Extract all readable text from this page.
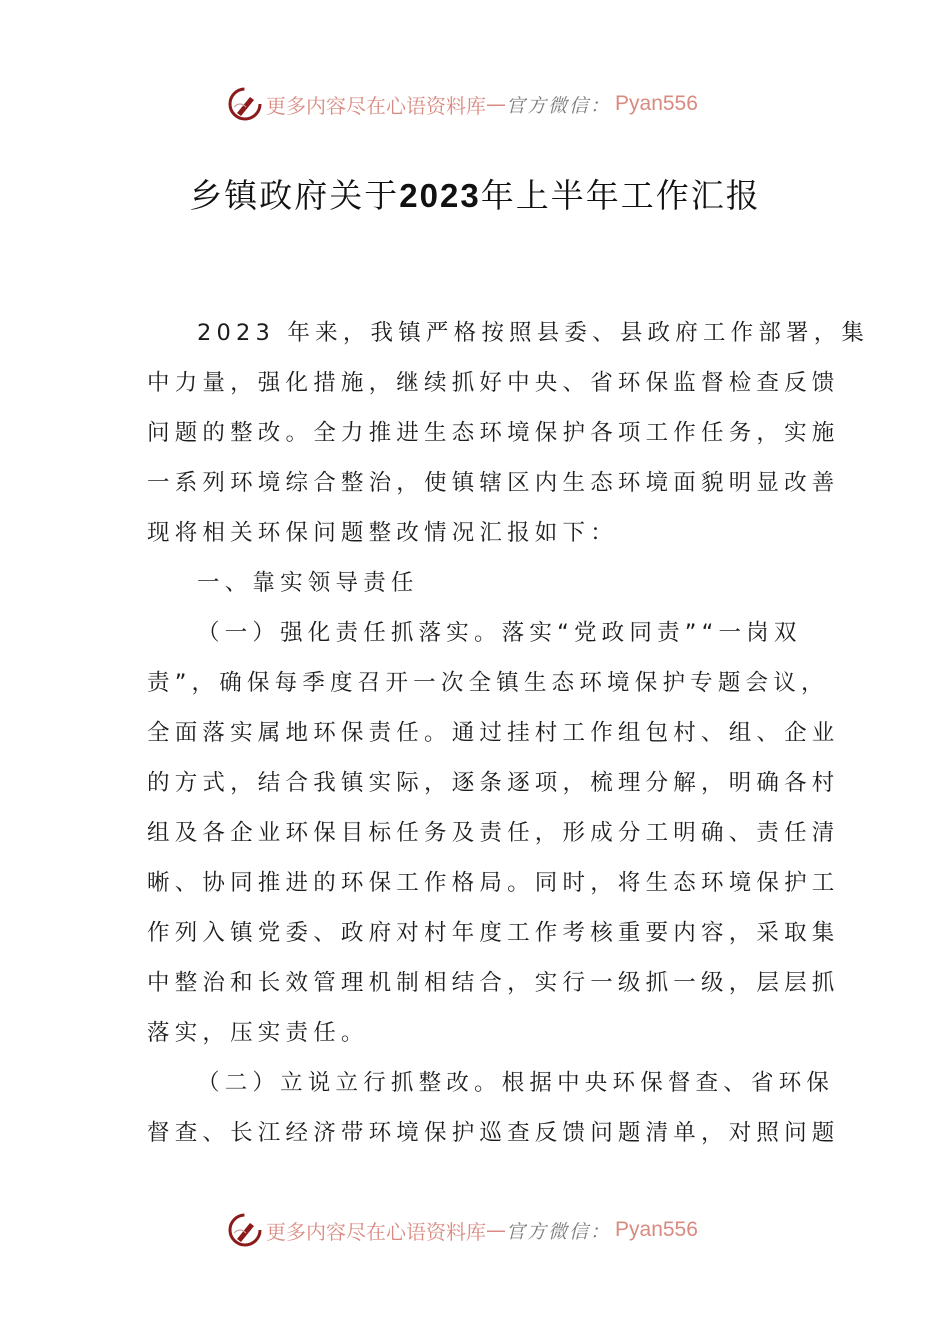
更多内容尽在心语资料库 — 官方微信： Pyan556
乡镇政府关于2023年上半年工作汇报
2023 年来，我镇严格按照县委、县政府工作部署，集
中力量，强化措施，继续抓好中央、省环保监督检查反馈
问题的整改。全力推进生态环境保护各项工作任务，实施
一系列环境综合整治，使镇辖区内生态环境面貌明显改善
现将相关环保问题整改情况汇报如下：
一、靠实领导责任
（一）强化责任抓落实。落实“党政同责”“一岗双
责”，确保每季度召开一次全镇生态环境保护专题会议，
全面落实属地环保责任。通过挂村工作组包村、组、企业
的方式，结合我镇实际，逐条逐项，梳理分解，明确各村
组及各企业环保目标任务及责任，形成分工明确、责任清
晰、协同推进的环保工作格局。同时，将生态环境保护工
作列入镇党委、政府对村年度工作考核重要内容，采取集
中整治和长效管理机制相结合，实行一级抓一级，层层抓
落实，压实责任。
（二）立说立行抓整改。根据中央环保督查、省环保
督查、长江经济带环境保护巡查反馈问题清单，对照问题
更多内容尽在心语资料库 — 官方微信： Pyan556
